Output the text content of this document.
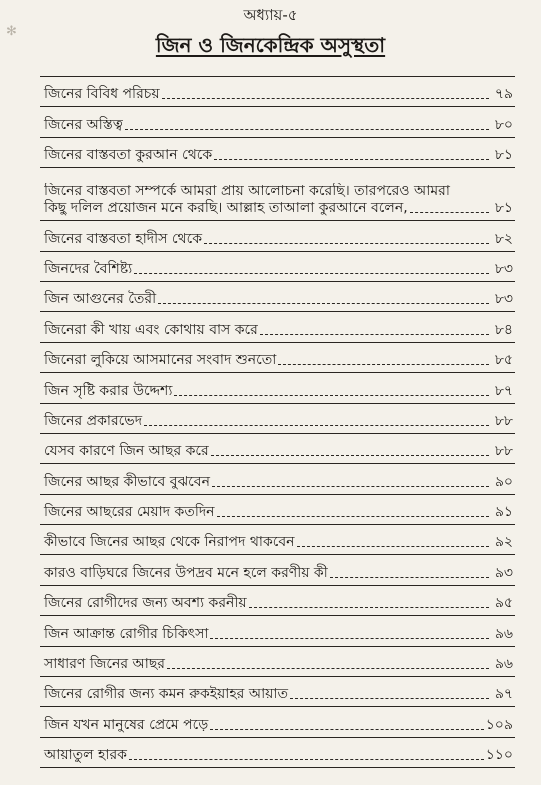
✻
অধ্যায়-৫
জিন ও জিনকেন্দ্রিক অসুস্থতা
জিনের বিবিধ পরিচয়	৭৯
জিনের অস্তিত্ব	৮০
জিনের বাস্তবতা কুরআন থেকে	৮১
জিনের বাস্তবতা সম্পর্কে আমরা প্রায় আলোচনা করেছি। তারপরেও আমরা
কিছু দলিল প্রয়োজন মনে করছি। আল্লাহ তাআলা কুরআনে বলেন,	৮১
জিনের বাস্তবতা হাদীস থেকে	৮২
জিনদের বৈশিষ্ট্য	৮৩
জিন আগুনের তৈরী	৮৩
জিনেরা কী খায় এবং কোথায় বাস করে	৮৪
জিনেরা লুকিয়ে আসমানের সংবাদ শুনতো	৮৫
জিন সৃষ্টি করার উদ্দেশ্য	৮৭
জিনের প্রকারভেদ	৮৮
যেসব কারণে জিন আছর করে	৮৮
জিনের আছর কীভাবে বুঝবেন	৯০
জিনের আছরের মেয়াদ কতদিন	৯১
কীভাবে জিনের আছর থেকে নিরাপদ থাকবেন	৯২
কারও বাড়িঘরে জিনের উপদ্রব মনে হলে করণীয় কী	৯৩
জিনের রোগীদের জন্য অবশ্য করনীয়	৯৫
জিন আক্রান্ত রোগীর চিকিৎসা	৯৬
সাধারণ জিনের আছর	৯৬
জিনের রোগীর জন্য কমন রুকইয়াহর আয়াত	৯৭
জিন যখন মানুষের প্রেমে পড়ে	১০৯
আয়াতুল হারক	১১০
